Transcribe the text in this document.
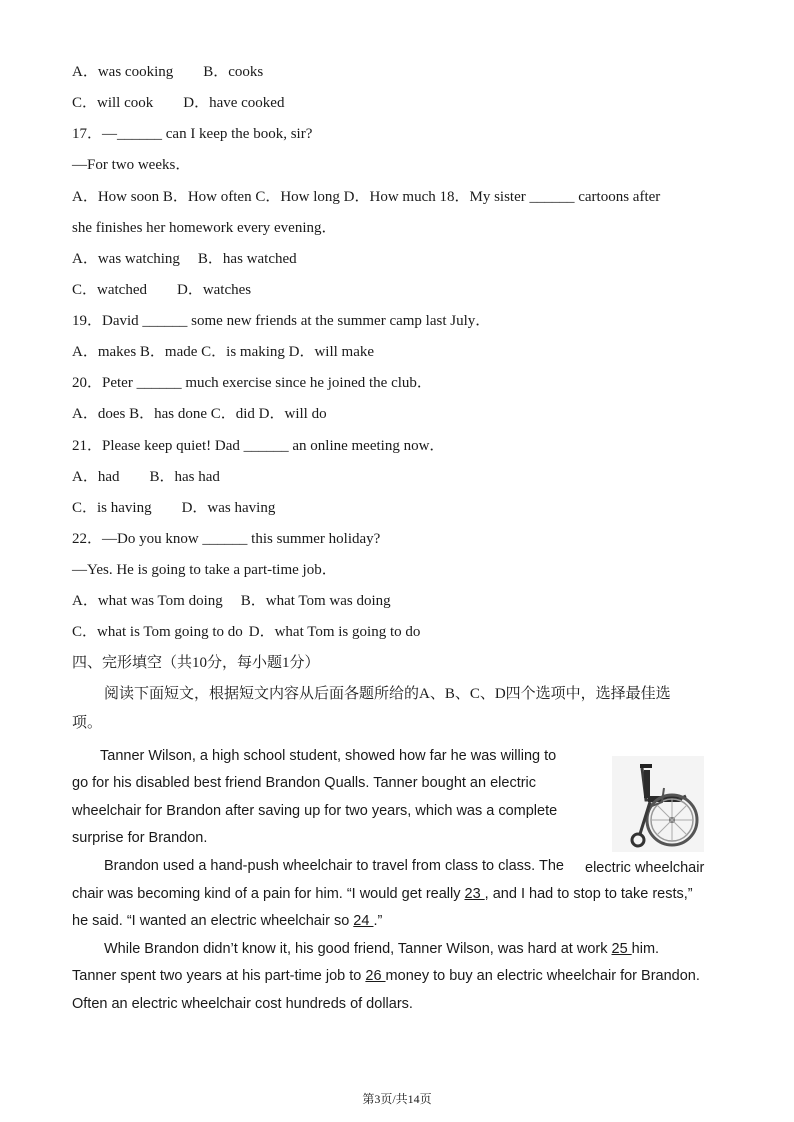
A．was cooking B．cooks
C．will cook D．have cooked
17．—______ can I keep the book, sir?
—For two weeks．
A．How soon B．How often C．How long D．How much 18．My sister ______ cartoons after
she finishes her homework every evening．
A．was watching B．has watched
C．watched D．watches
19．David ______ some new friends at the summer camp last July．
A．makes B．made C．is making D．will make
20．Peter ______ much exercise since he joined the club．
A．does B．has done C．did D．will do
21．Please keep quiet! Dad ______ an online meeting now．
A．had B．has had
C．is having D．was having
22．—Do you know ______ this summer holiday?
—Yes. He is going to take a part-time job．
A．what was Tom doing B．what Tom was doing
C．what is Tom going to do D．what Tom is going to do
四、完形填空（共10分，每小题1分）
阅读下面短文，根据短文内容从后面各题所给的A、B、C、D四个选项中，选择最佳选
项。
Tanner Wilson, a high school student, showed how far he was willing to
go for his disabled best friend Brandon Qualls. Tanner bought an electric
wheelchair for Brandon after saving up for two years, which was a complete
surprise for Brandon.
Brandon used a hand-push wheelchair to travel from class to class. The electric wheelchair
chair was becoming kind of a pain for him. “I would get really 23 , and I had to stop to take rests,”
he said. “I wanted an electric wheelchair so 24 .”
While Brandon didn’t know it, his good friend, Tanner Wilson, was hard at work 25 him.
Tanner spent two years at his part-time job to 26 money to buy an electric wheelchair for Brandon.
Often an electric wheelchair cost hundreds of dollars.
第3页/共14页
